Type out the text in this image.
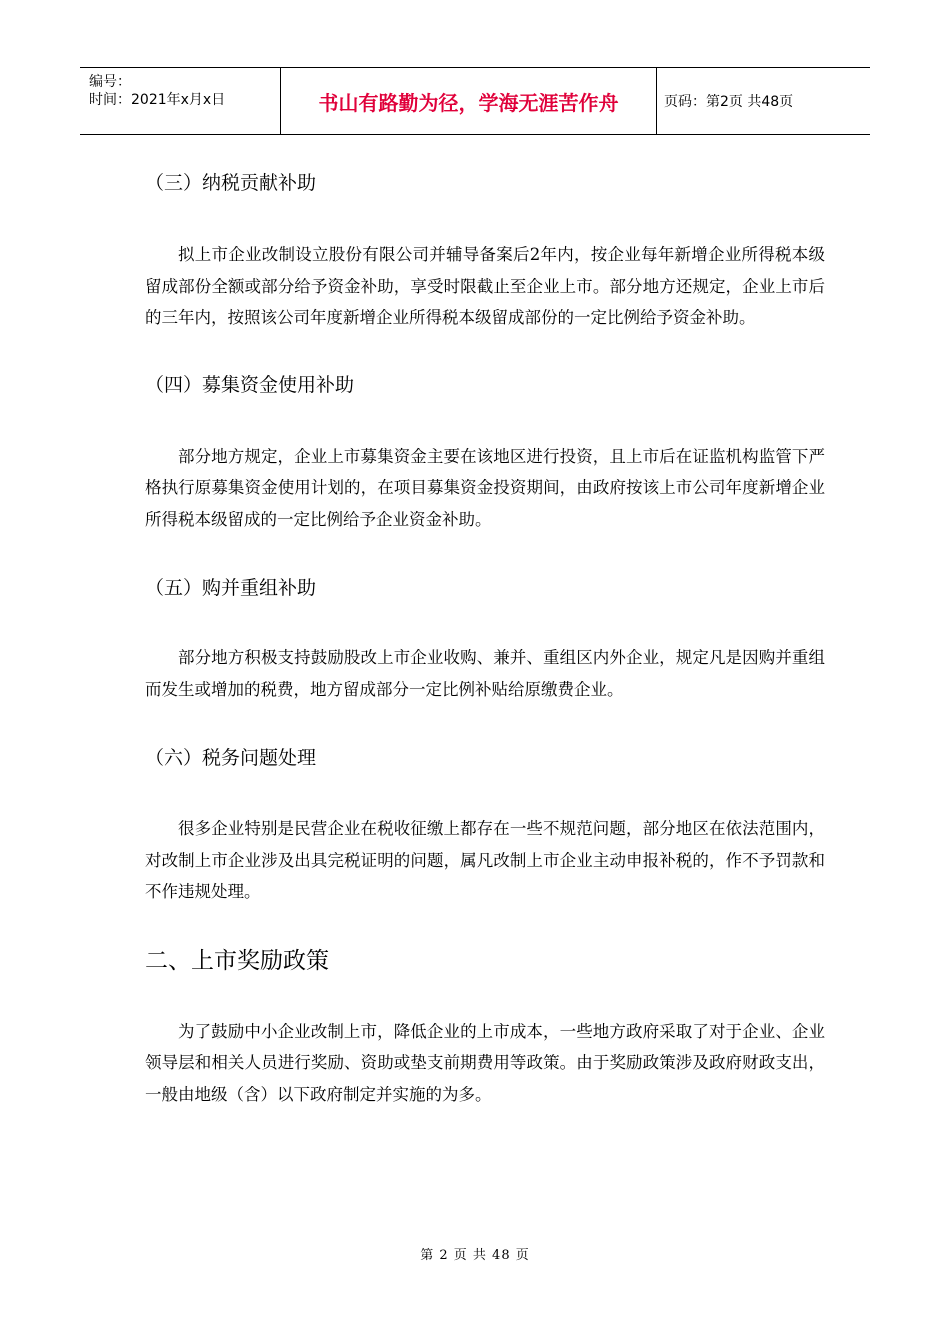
编号：
时间：2021年x月x日	书山有路勤为径，学海无涯苦作舟	页码：第2页 共48页
（三）纳税贡献补助

拟上市企业改制设立股份有限公司并辅导备案后2年内，按企业每年新增企业所得税本级留成部份全额或部分给予资金补助，享受时限截止至企业上市。部分地方还规定，企业上市后的三年内，按照该公司年度新增企业所得税本级留成部份的一定比例给予资金补助。

（四）募集资金使用补助

部分地方规定，企业上市募集资金主要在该地区进行投资，且上市后在证监机构监管下严格执行原募集资金使用计划的，在项目募集资金投资期间，由政府按该上市公司年度新增企业所得税本级留成的一定比例给予企业资金补助。

（五）购并重组补助

部分地方积极支持鼓励股改上市企业收购、兼并、重组区内外企业，规定凡是因购并重组而发生或增加的税费，地方留成部分一定比例补贴给原缴费企业。

（六）税务问题处理

很多企业特别是民营企业在税收征缴上都存在一些不规范问题，部分地区在依法范围内，对改制上市企业涉及出具完税证明的问题，属凡改制上市企业主动申报补税的，作不予罚款和不作违规处理。

二、上市奖励政策

为了鼓励中小企业改制上市，降低企业的上市成本，一些地方政府采取了对于企业、企业领导层和相关人员进行奖励、资助或垫支前期费用等政策。由于奖励政策涉及政府财政支出，一般由地级（含）以下政府制定并实施的为多。

第 2 页 共 48 页
